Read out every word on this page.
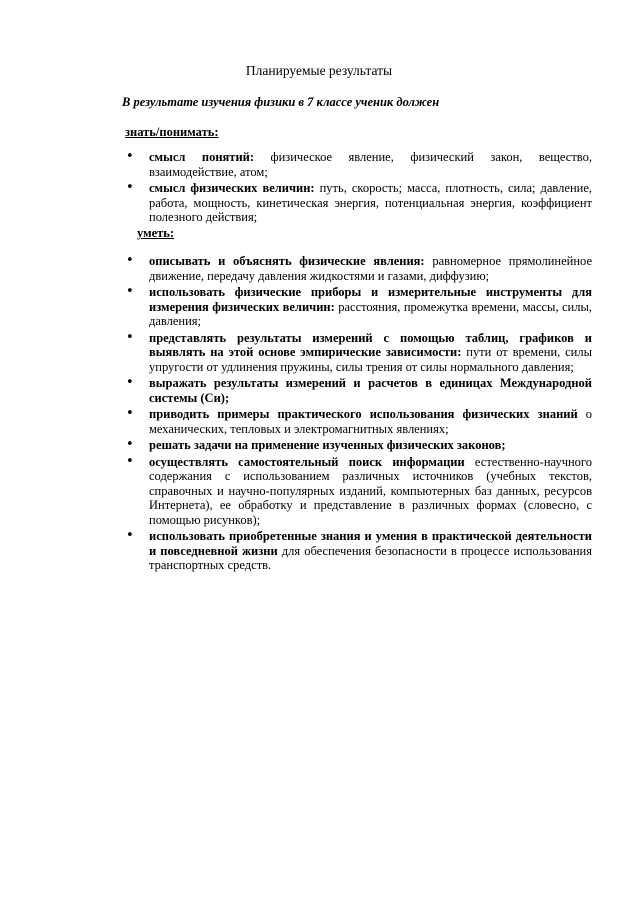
Планируемые результаты
В результате изучения физики в 7 классе ученик должен
знать/понимать:
• смысл понятий: физическое явление, физический закон, вещество, взаимодействие, атом;
• смысл физических величин: путь, скорость; масса, плотность, сила; давление, работа, мощность, кинетическая энергия, потенциальная энергия, коэффициент полезного действия;
уметь:
• описывать и объяснять физические явления: равномерное прямолинейное движение, передачу давления жидкостями и газами, диффузию;
• использовать физические приборы и измерительные инструменты для измерения физических величин: расстояния, промежутка времени, массы, силы, давления;
• представлять результаты измерений с помощью таблиц, графиков и выявлять на этой основе эмпирические зависимости: пути от времени, силы упругости от удлинения пружины, силы трения от силы нормального давления;
• выражать результаты измерений и расчетов в единицах Международной системы (Си);
• приводить примеры практического использования физических знаний о механических, тепловых и электромагнитных явлениях;
• решать задачи на применение изученных физических законов;
• осуществлять самостоятельный поиск информации естественно-научного содержания с использованием различных источников (учебных текстов, справочных и научно-популярных изданий, компьютерных баз данных, ресурсов Интернета), ее обработку и представление в различных формах (словесно, с помощью рисунков);
• использовать приобретенные знания и умения в практической деятельности и повседневной жизни для обеспечения безопасности в процессе использования транспортных средств.
